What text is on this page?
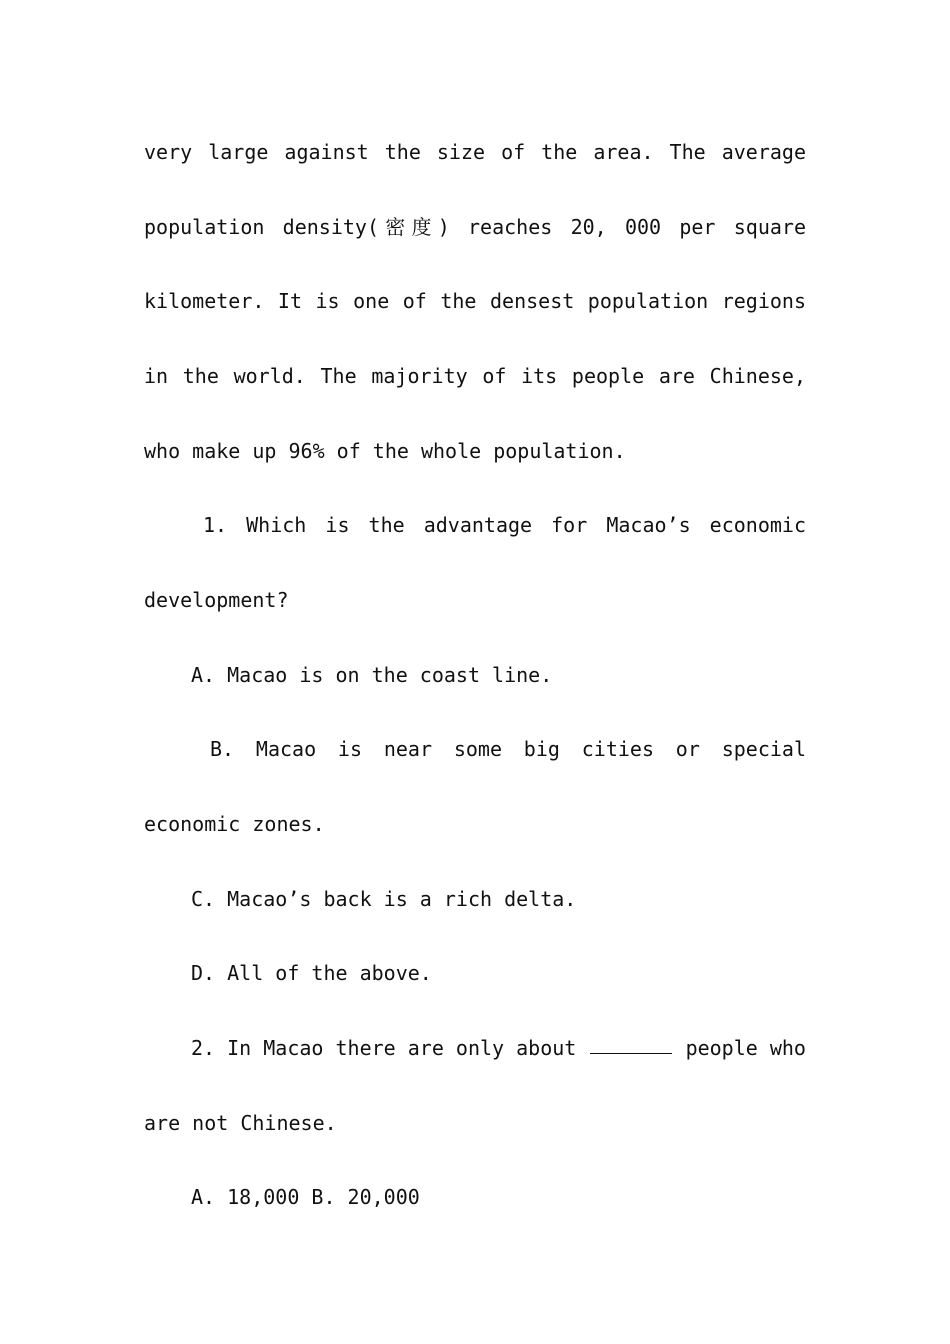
very large against the size of the area. The average
population density(密度) reaches 20, 000 per square
kilometer. It is one of the densest population regions
in the world. The majority of its people are Chinese,
who make up 96% of the whole population.
1. Which is the advantage for Macao’s economic
development?
A. Macao is on the coast line.
B. Macao is near some big cities or special
economic zones.
C. Macao’s back is a rich delta.
D. All of the above.
2. In Macao there are only about	people who
are not Chinese.
A. 18,000 B. 20,000
